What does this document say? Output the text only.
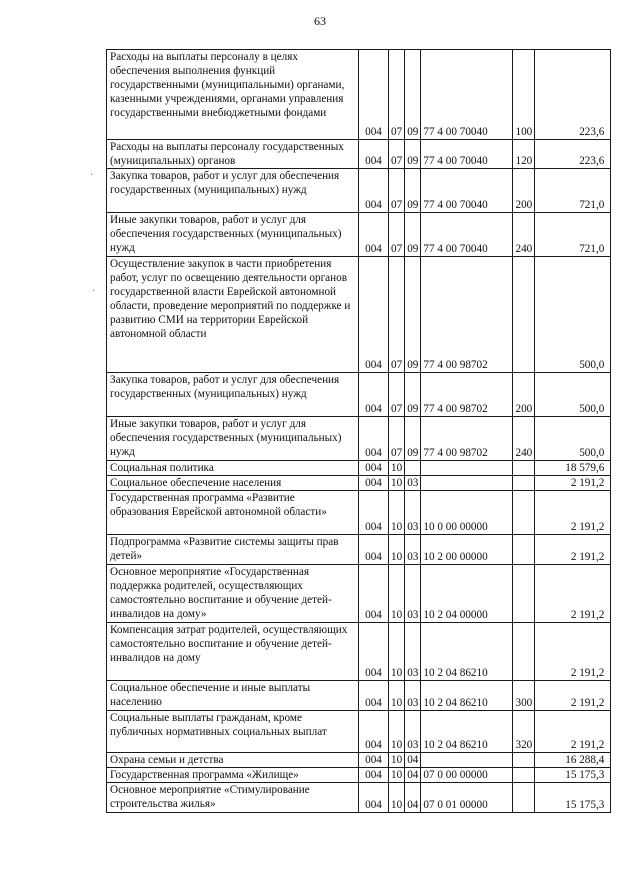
63
Расходы на выплаты персоналу в целях обеспечения выполнения функций государственными (муниципальными) органами, казенными учреждениями, органами управления государственными внебюджетными фондами	004	07	09	77 4 00 70040	100	223,6
Расходы на выплаты персоналу государственных (муниципальных) органов	004	07	09	77 4 00 70040	120	223,6
Закупка товаров, работ и услуг для обеспечения государственных (муниципальных) нужд	004	07	09	77 4 00 70040	200	721,0
Иные закупки товаров, работ и услуг для обеспечения государственных (муниципальных) нужд	004	07	09	77 4 00 70040	240	721,0
Осуществление закупок в части приобретения работ, услуг по освещению деятельности органов государственной власти Еврейской автономной области, проведение мероприятий по поддержке и развитию СМИ на территории Еврейской автономной области	004	07	09	77 4 00 98702		500,0
Закупка товаров, работ и услуг для обеспечения государственных (муниципальных) нужд	004	07	09	77 4 00 98702	200	500,0
Иные закупки товаров, работ и услуг для обеспечения государственных (муниципальных) нужд	004	07	09	77 4 00 98702	240	500,0
Социальная политика	004	10				18 579,6
Социальное обеспечение населения	004	10	03			2 191,2
Государственная программа «Развитие образования Еврейской автономной области»	004	10	03	10 0 00 00000		2 191,2
Подпрограмма «Развитие системы защиты прав детей»	004	10	03	10 2 00 00000		2 191,2
Основное мероприятие «Государственная поддержка родителей, осуществляющих самостоятельно воспитание и обучение детей-инвалидов на дому»	004	10	03	10 2 04 00000		2 191,2
Компенсация затрат родителей, осуществляющих самостоятельно воспитание и обучение детей-инвалидов на дому	004	10	03	10 2 04 86210		2 191,2
Социальное обеспечение и иные выплаты населению	004	10	03	10 2 04 86210	300	2 191,2
Социальные выплаты гражданам, кроме публичных нормативных социальных выплат	004	10	03	10 2 04 86210	320	2 191,2
Охрана семьи и детства	004	10	04			16 288,4
Государственная программа «Жилище»	004	10	04	07 0 00 00000		15 175,3
Основное мероприятие «Стимулирование строительства жилья»	004	10	04	07 0 01 00000		15 175,3
·
·
